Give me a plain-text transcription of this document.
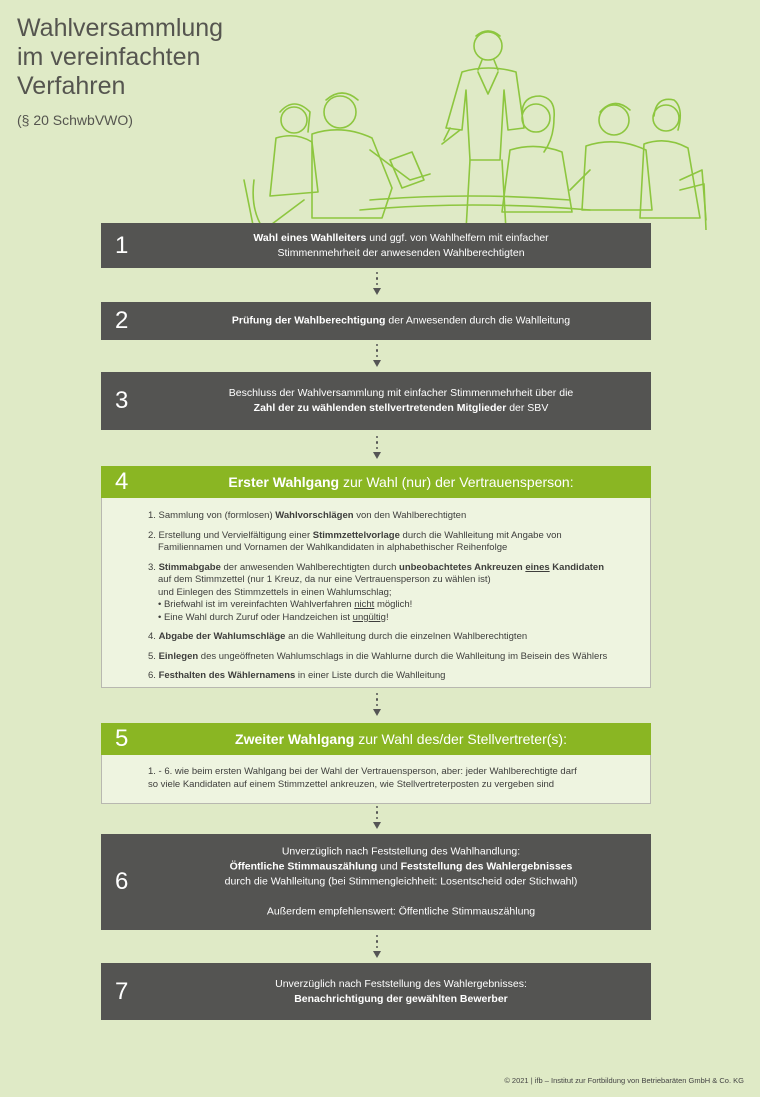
Wahlversammlung
im vereinfachten
Verfahren
(§ 20 SchwbVWO)
1	Wahl eines Wahlleiters und ggf. von Wahlhelfern mit einfacher
Stimmenmehrheit der anwesenden Wahlberechtigten
2	Prüfung der Wahlberechtigung der Anwesenden durch die Wahlleitung
3	Beschluss der Wahlversammlung mit einfacher Stimmenmehrheit über die
Zahl der zu wählenden stellvertretenden Mitglieder der SBV
4	Erster Wahlgang zur Wahl (nur) der Vertrauensperson:
1. Sammlung von (formlosen) Wahlvorschlägen von den Wahlberechtigten
2. Erstellung und Vervielfältigung einer Stimmzettelvorlage durch die Wahlleitung mit Angabe von
Familiennamen und Vornamen der Wahlkandidaten in alphabethischer Reihenfolge
3. Stimmabgabe der anwesenden Wahlberechtigten durch unbeobachtetes Ankreuzen eines Kandidaten
auf dem Stimmzettel (nur 1 Kreuz, da nur eine Vertrauensperson zu wählen ist)
und Einlegen des Stimmzettels in einen Wahlumschlag;
• Briefwahl ist im vereinfachten Wahlverfahren nicht möglich!
• Eine Wahl durch Zuruf oder Handzeichen ist ungültig!
4. Abgabe der Wahlumschläge an die Wahlleitung durch die einzelnen Wahlberechtigten
5. Einlegen des ungeöffneten Wahlumschlags in die Wahlurne durch die Wahlleitung im Beisein des Wählers
6. Festhalten des Wählernamens in einer Liste durch die Wahlleitung
5	Zweiter Wahlgang zur Wahl des/der Stellvertreter(s):
1. - 6. wie beim ersten Wahlgang bei der Wahl der Vertrauensperson, aber: jeder Wahlberechtigte darf
so viele Kandidaten auf einem Stimmzettel ankreuzen, wie Stellvertreterposten zu vergeben sind
6
Unverzüglich nach Feststellung des Wahlhandlung:
Öffentliche Stimmauszählung und Feststellung des Wahlergebnisses
durch die Wahlleitung (bei Stimmengleichheit: Losentscheid oder Stichwahl)

Außerdem empfehlenswert: Öffentliche Stimmauszählung
7	Unverzüglich nach Feststellung des Wahlergebnisses:
Benachrichtigung der gewählten Bewerber
© 2021 | ifb – Institut zur Fortbildung von Betriebaräten GmbH & Co. KG
